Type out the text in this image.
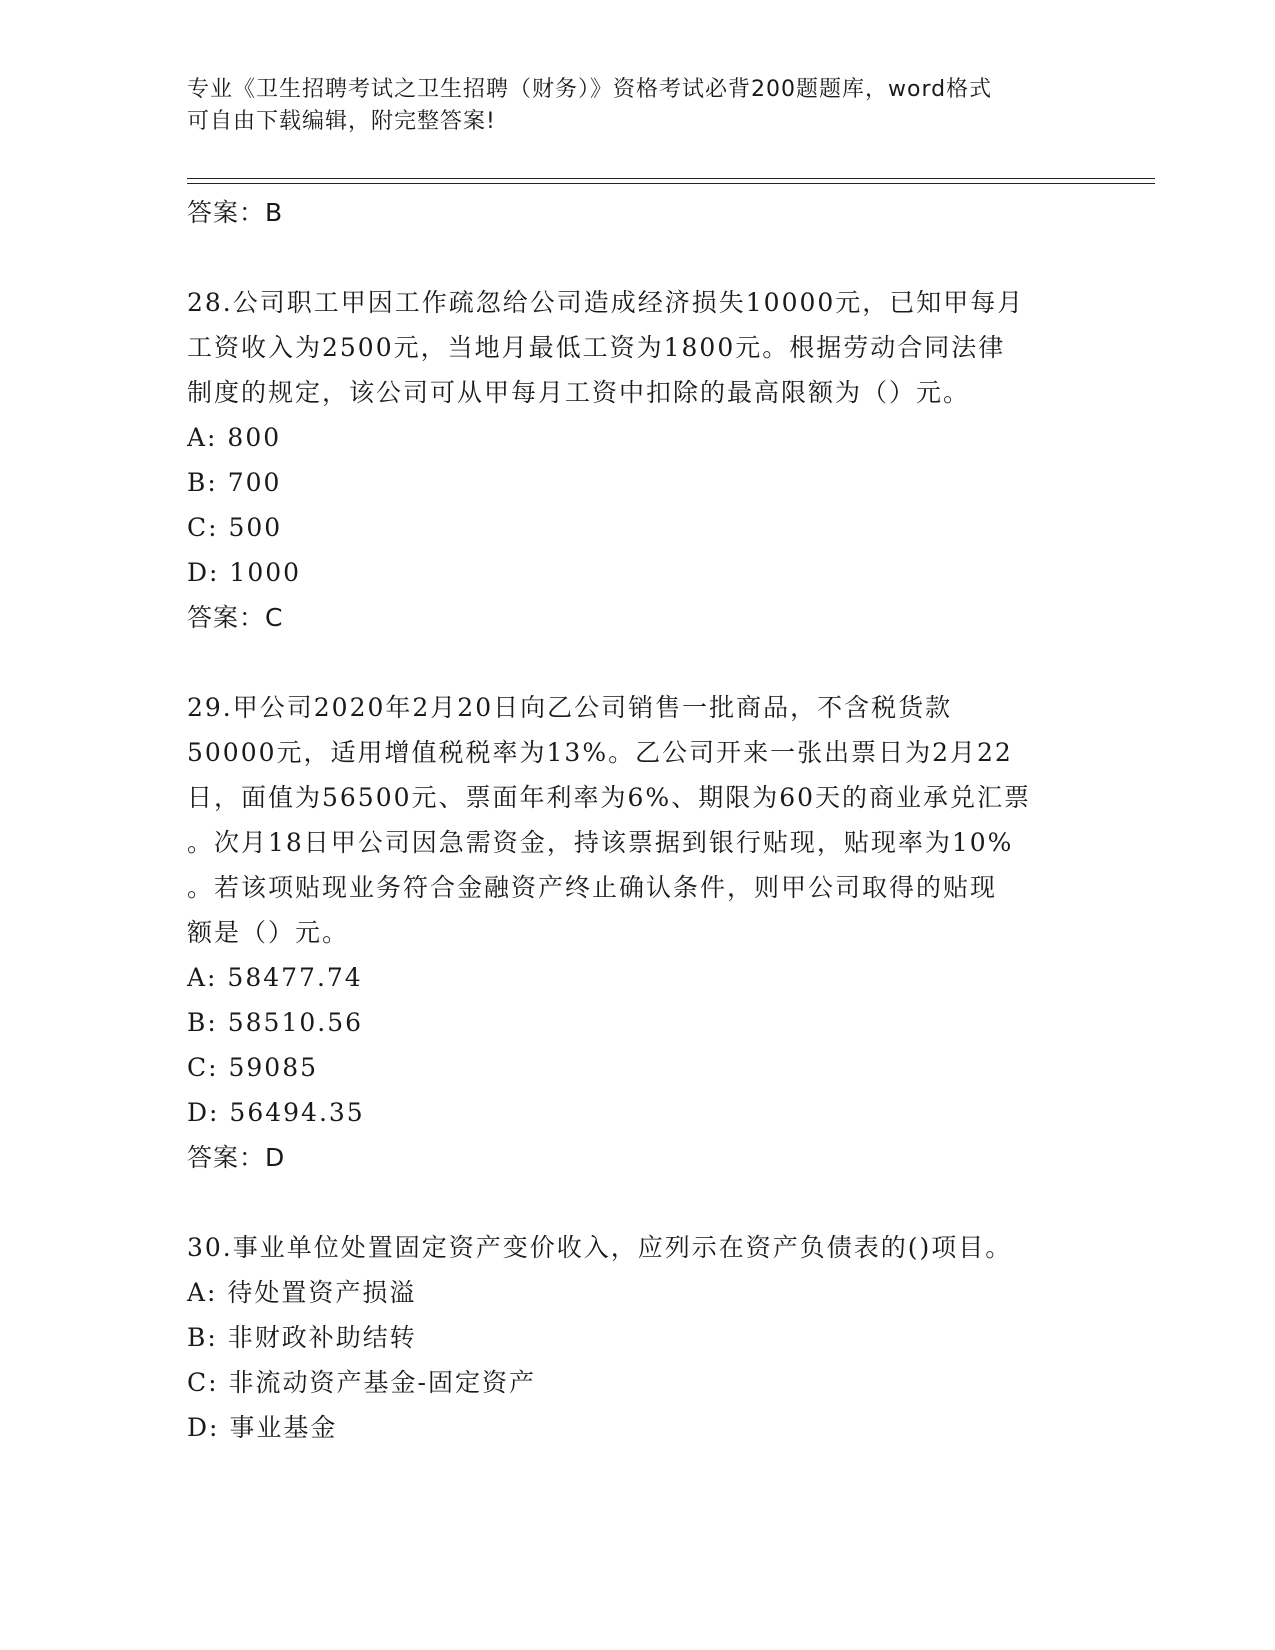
专业《卫生招聘考试之卫生招聘（财务）》资格考试必背200题题库，word格式
可自由下载编辑，附完整答案!
答案：B
28.公司职工甲因工作疏忽给公司造成经济损失10000元，已知甲每月
工资收入为2500元，当地月最低工资为1800元。根据劳动合同法律
制度的规定，该公司可从甲每月工资中扣除的最高限额为（）元。
A: 800
B: 700
C: 500
D: 1000
答案：C
29.甲公司2020年2月20日向乙公司销售一批商品，不含税货款
50000元，适用增值税税率为13%。乙公司开来一张出票日为2月22
日，面值为56500元、票面年利率为6%、期限为60天的商业承兑汇票
。次月18日甲公司因急需资金，持该票据到银行贴现，贴现率为10%
。若该项贴现业务符合金融资产终止确认条件，则甲公司取得的贴现
额是（）元。
A: 58477.74
B: 58510.56
C: 59085
D: 56494.35
答案：D
30.事业单位处置固定资产变价收入，应列示在资产负债表的()项目。
A: 待处置资产损溢
B: 非财政补助结转
C: 非流动资产基金-固定资产
D: 事业基金
